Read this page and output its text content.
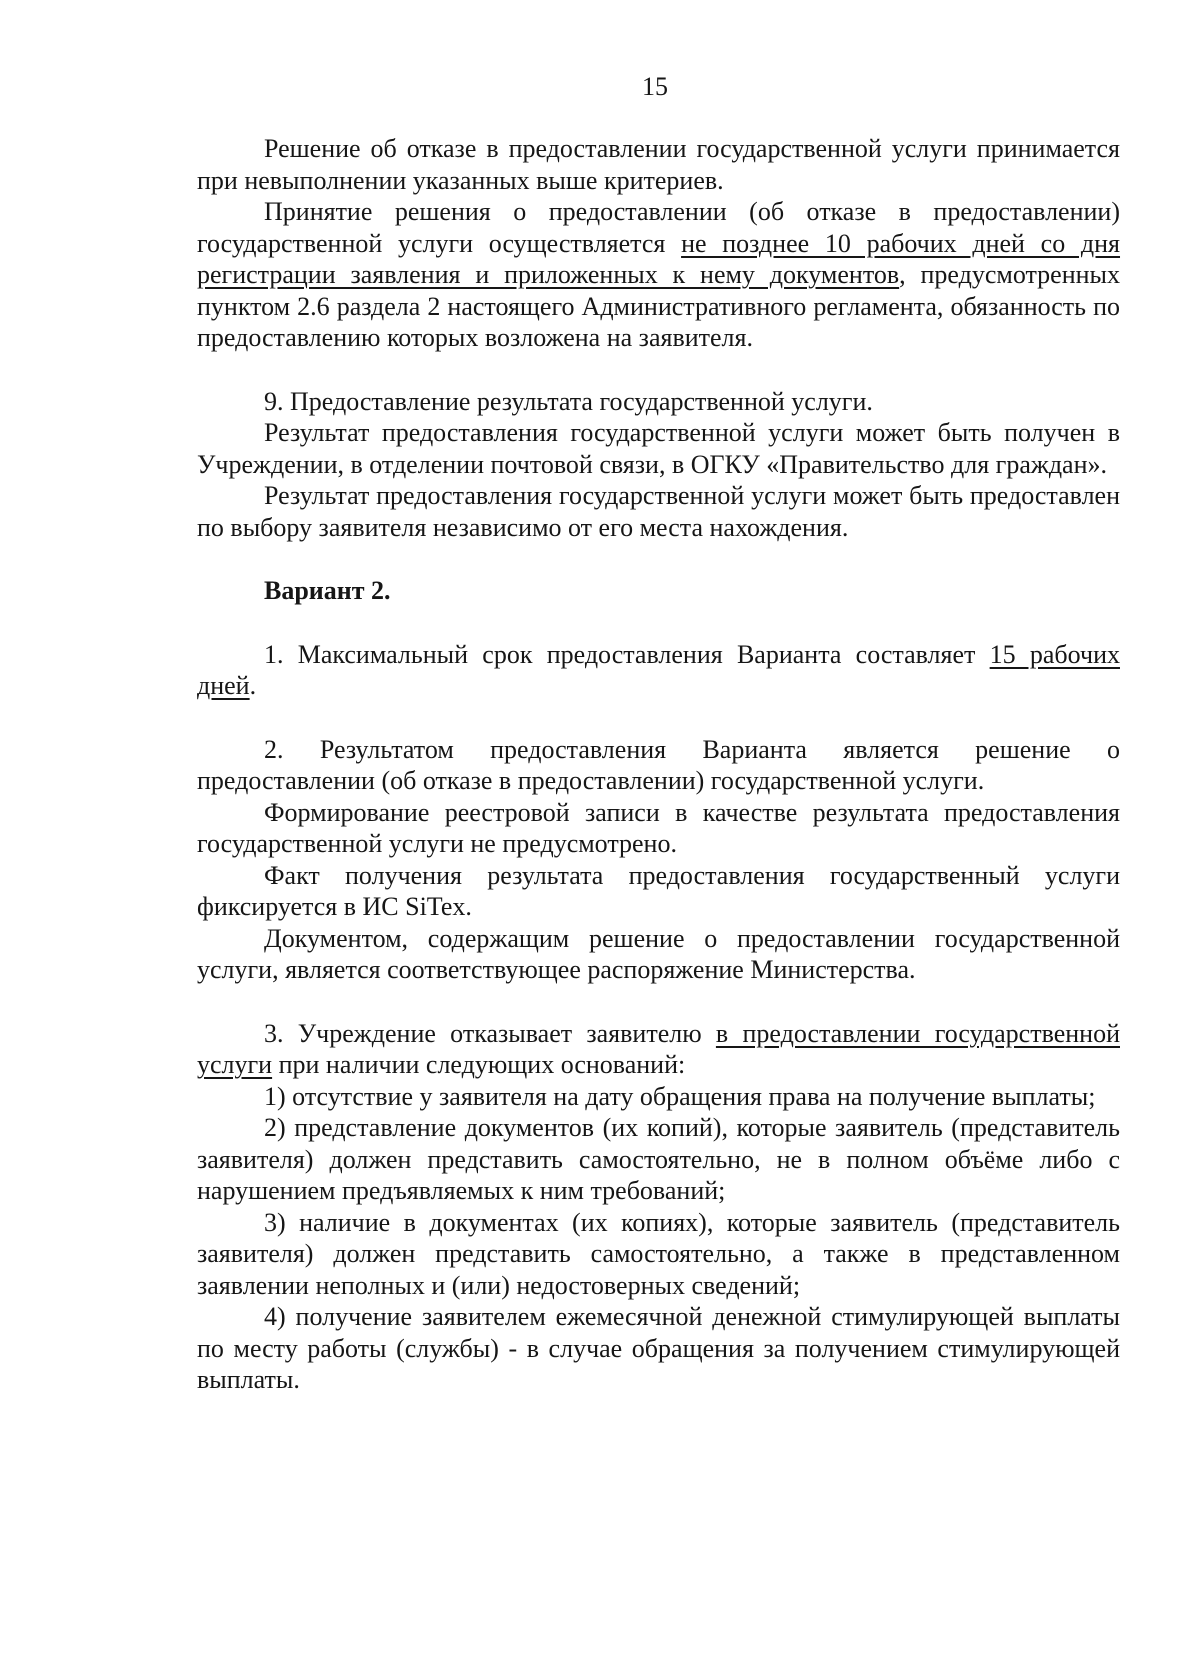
15

Решение об отказе в предоставлении государственной услуги принимается при невыполнении указанных выше критериев.

Принятие решения о предоставлении (об отказе в предоставлении) государственной услуги осуществляется не позднее 10 рабочих дней со дня регистрации заявления и приложенных к нему документов, предусмотренных пунктом 2.6 раздела 2 настоящего Административного регламента, обязанность по предоставлению которых возложена на заявителя.

9. Предоставление результата государственной услуги.

Результат предоставления государственной услуги может быть получен в Учреждении, в отделении почтовой связи, в ОГКУ «Правительство для граждан».

Результат предоставления государственной услуги может быть предоставлен по выбору заявителя независимо от его места нахождения.

Вариант 2.

1. Максимальный срок предоставления Варианта составляет 15 рабочих дней.

2. Результатом предоставления Варианта является решение о предоставлении (об отказе в предоставлении) государственной услуги.

Формирование реестровой записи в качестве результата предоставления государственной услуги не предусмотрено.

Факт получения результата предоставления государственный услуги фиксируется в ИС SiTex.

Документом, содержащим решение о предоставлении государственной услуги, является соответствующее распоряжение Министерства.

3. Учреждение отказывает заявителю в предоставлении государственной услуги при наличии следующих оснований:

1) отсутствие у заявителя на дату обращения права на получение выплаты;

2) представление документов (их копий), которые заявитель (представитель заявителя) должен представить самостоятельно, не в полном объёме либо с нарушением предъявляемых к ним требований;

3) наличие в документах (их копиях), которые заявитель (представитель заявителя) должен представить самостоятельно, а также в представленном заявлении неполных и (или) недостоверных сведений;

4) получение заявителем ежемесячной денежной стимулирующей выплаты по месту работы (службы) - в случае обращения за получением стимулирующей выплаты.
